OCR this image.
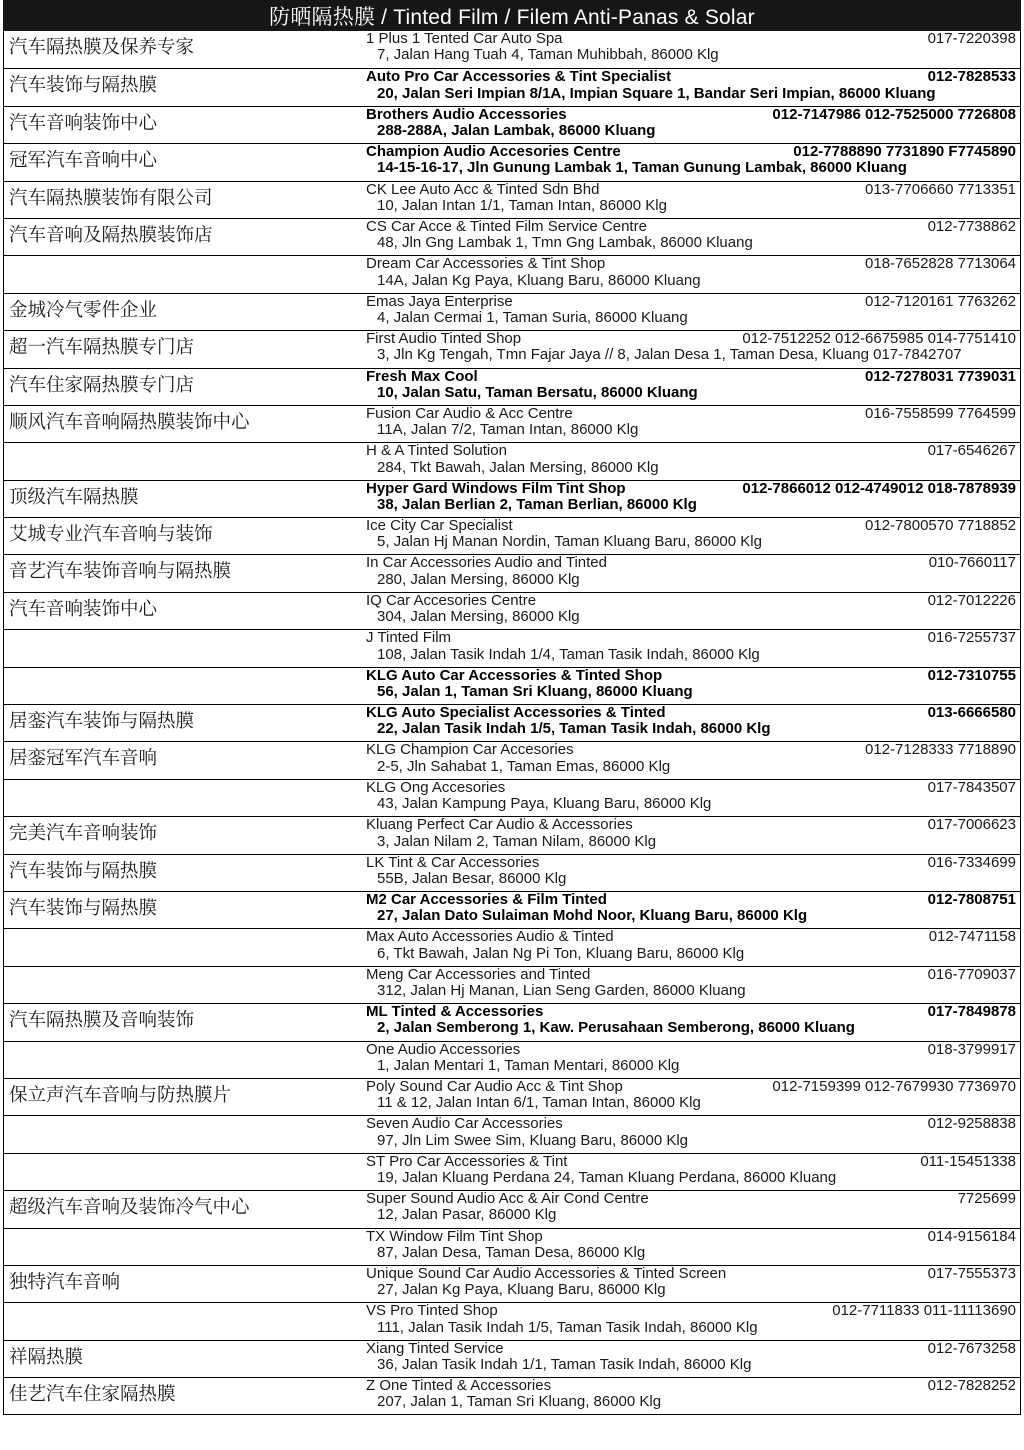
防晒隔热膜 / Tinted Film / Filem Anti-Panas & Solar
汽车隔热膜及保养专家	1 Plus 1 Tented Car Auto Spa	017-7220398
7, Jalan Hang Tuah 4, Taman Muhibbah, 86000 Klg
汽车装饰与隔热膜	Auto Pro Car Accessories & Tint Specialist	012-7828533
20, Jalan Seri Impian 8/1A, Impian Square 1, Bandar Seri Impian, 86000 Kluang
汽车音响装饰中心	Brothers Audio Accessories	012-7147986 012-7525000 7726808
288-288A, Jalan Lambak, 86000 Kluang
冠军汽车音响中心	Champion Audio Accesories Centre	012-7788890 7731890 F7745890
14-15-16-17, Jln Gunung Lambak 1, Taman Gunung Lambak, 86000 Kluang
汽车隔热膜装饰有限公司	CK Lee Auto Acc & Tinted Sdn Bhd	013-7706660 7713351
10, Jalan Intan 1/1, Taman Intan, 86000 Klg
汽车音响及隔热膜装饰店	CS Car Acce & Tinted Film Service Centre	012-7738862
48, Jln Gng Lambak 1, Tmn Gng Lambak, 86000 Kluang
Dream Car Accessories & Tint Shop	018-7652828 7713064
14A, Jalan Kg Paya, Kluang Baru, 86000 Kluang
金城冷气零件企业	Emas Jaya Enterprise	012-7120161 7763262
4, Jalan Cermai 1, Taman Suria, 86000 Kluang
超一汽车隔热膜专门店	First Audio Tinted Shop	012-7512252 012-6675985 014-7751410
3, Jln Kg Tengah, Tmn Fajar Jaya // 8, Jalan Desa 1, Taman Desa, Kluang 017-7842707
汽车住家隔热膜专门店	Fresh Max Cool	012-7278031 7739031
10, Jalan Satu, Taman Bersatu, 86000 Kluang
顺风汽车音响隔热膜装饰中心	Fusion Car Audio & Acc Centre	016-7558599 7764599
11A, Jalan 7/2, Taman Intan, 86000 Klg
H & A Tinted Solution	017-6546267
284, Tkt Bawah, Jalan Mersing, 86000 Klg
顶级汽车隔热膜	Hyper Gard Windows Film Tint Shop	012-7866012 012-4749012 018-7878939
38, Jalan Berlian 2, Taman Berlian, 86000 Klg
艾城专业汽车音响与装饰	Ice City Car Specialist	012-7800570 7718852
5, Jalan Hj Manan Nordin, Taman Kluang Baru, 86000 Klg
音艺汽车装饰音响与隔热膜	In Car Accessories Audio and Tinted	010-7660117
280, Jalan Mersing, 86000 Klg
汽车音响装饰中心	IQ Car Accesories Centre	012-7012226
304, Jalan Mersing, 86000 Klg
J Tinted Film	016-7255737
108, Jalan Tasik Indah 1/4, Taman Tasik Indah, 86000 Klg
KLG Auto Car Accessories & Tinted Shop	012-7310755
56, Jalan 1, Taman Sri Kluang, 86000 Kluang
居銮汽车装饰与隔热膜	KLG Auto Specialist Accessories & Tinted	013-6666580
22, Jalan Tasik Indah 1/5, Taman Tasik Indah, 86000 Klg
居銮冠军汽车音响	KLG Champion Car Accesories	012-7128333 7718890
2-5, Jln Sahabat 1, Taman Emas, 86000 Klg
KLG Ong Accesories	017-7843507
43, Jalan Kampung Paya, Kluang Baru, 86000 Klg
完美汽车音响装饰	Kluang Perfect Car Audio & Accessories	017-7006623
3, Jalan Nilam 2, Taman Nilam, 86000 Klg
汽车装饰与隔热膜	LK Tint & Car Accessories	016-7334699
55B, Jalan Besar, 86000 Klg
汽车装饰与隔热膜	M2 Car Accessories & Film Tinted	012-7808751
27, Jalan Dato Sulaiman Mohd Noor, Kluang Baru, 86000 Klg
Max Auto Accessories Audio & Tinted	012-7471158
6, Tkt Bawah, Jalan Ng Pi Ton, Kluang Baru, 86000 Klg
Meng Car Accessories and Tinted	016-7709037
312, Jalan Hj Manan, Lian Seng Garden, 86000 Kluang
汽车隔热膜及音响装饰	ML Tinted & Accessories	017-7849878
2, Jalan Semberong 1, Kaw. Perusahaan Semberong, 86000 Kluang
One Audio Accessories	018-3799917
1, Jalan Mentari 1, Taman Mentari, 86000 Klg
保立声汽车音响与防热膜片	Poly Sound Car Audio Acc & Tint Shop	012-7159399 012-7679930 7736970
11 & 12, Jalan Intan 6/1, Taman Intan, 86000 Klg
Seven Audio Car Accessories	012-9258838
97, Jln Lim Swee Sim, Kluang Baru, 86000 Klg
ST Pro Car Accessories & Tint	011-15451338
19, Jalan Kluang Perdana 24, Taman Kluang Perdana, 86000 Kluang
超级汽车音响及装饰冷气中心	Super Sound Audio Acc & Air Cond Centre	7725699
12, Jalan Pasar, 86000 Klg
TX Window Film Tint Shop	014-9156184
87, Jalan Desa, Taman Desa, 86000 Klg
独特汽车音响	Unique Sound Car Audio Accessories & Tinted Screen	017-7555373
27, Jalan Kg Paya, Kluang Baru, 86000 Klg
VS Pro Tinted Shop	012-7711833 011-11113690
111, Jalan Tasik Indah 1/5, Taman Tasik Indah, 86000 Klg
祥隔热膜	Xiang Tinted Service	012-7673258
36, Jalan Tasik Indah 1/1, Taman Tasik Indah, 86000 Klg
佳艺汽车住家隔热膜	Z One Tinted & Accessories	012-7828252
207, Jalan 1, Taman Sri Kluang, 86000 Klg
